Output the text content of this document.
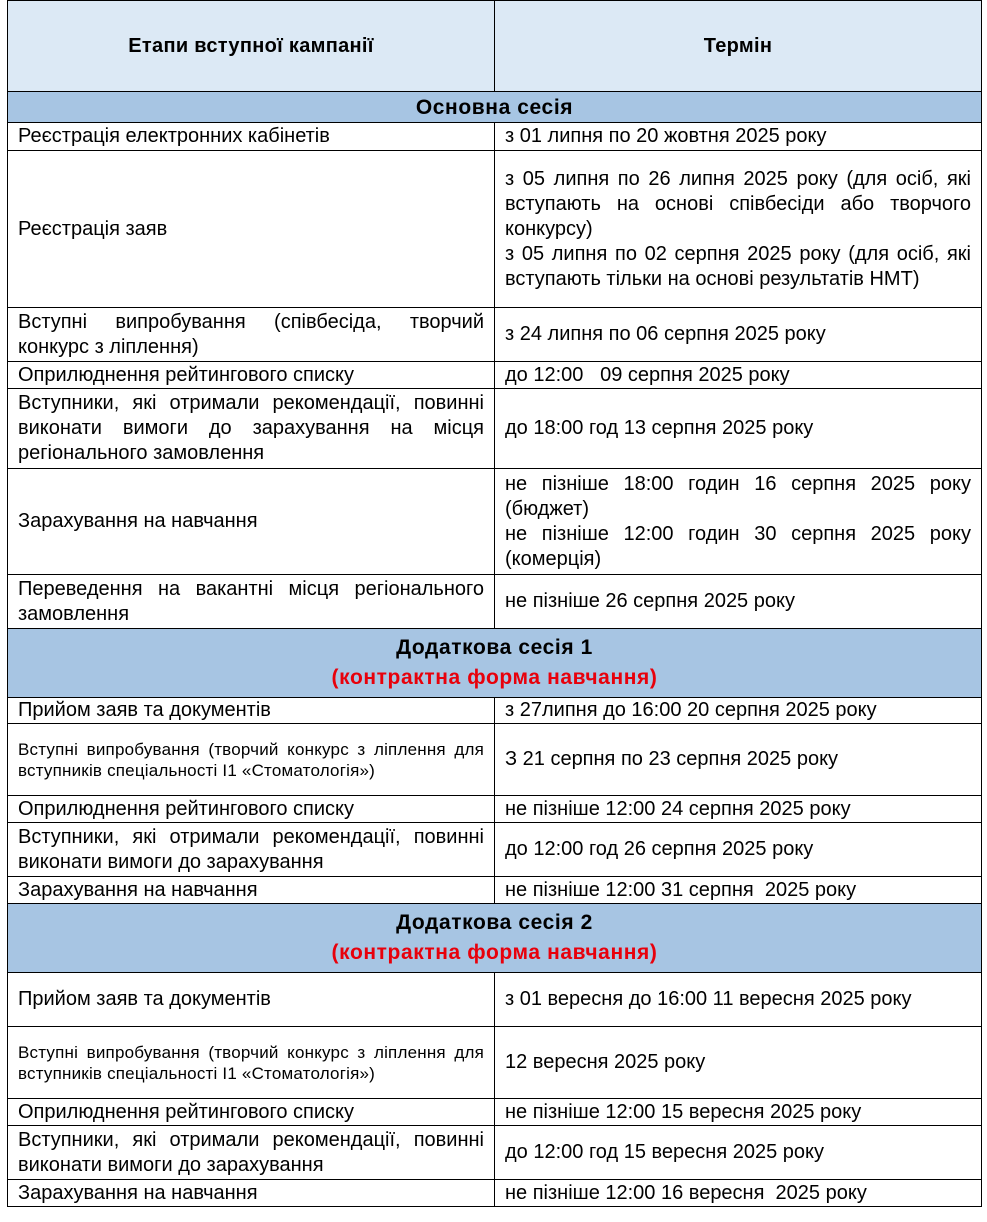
Етапи вступної кампанії	Термін
Основна сесія	
Реєстрація електронних кабінетів	з 01 липня по 20 жовтня 2025 року
Реєстрація заяв	з 05 липня по 26 липня 2025 року (для осіб, які вступають на основі співбесіди або творчого конкурсу)
з 05 липня по 02 серпня 2025 року (для осіб, які вступають тільки на основі результатів НМТ)

Вступні випробування (співбесіда, творчий конкурс з ліплення)	з 24 липня по 06 серпня 2025 року
Оприлюднення рейтингового списку	до 12:00   09 серпня 2025 року
Вступники, які отримали рекомендації, повинні виконати вимоги до зарахування на місця регіонального замовлення	до 18:00 год 13 серпня 2025 року
Зарахування на навчання	не пізніше 18:00 годин 16 серпня 2025 року (бюджет)
не пізніше 12:00 годин 30 серпня 2025 року (комерція)

Переведення на вакантні місця регіонального замовлення	не пізніше 26 серпня 2025 року

Додаткова сесія 1
(контрактна форма навчання)	

Прийом заяв та документів	з 27липня до 16:00 20 серпня 2025 року
Вступні випробування (творчий конкурс з ліплення для вступників спеціальності І1 «Стоматологія»)	З 21 серпня по 23 серпня 2025 року
Оприлюднення рейтингового списку	не пізніше 12:00 24 серпня 2025 року
Вступники, які отримали рекомендації, повинні виконати вимоги до зарахування	до 12:00 год 26 серпня 2025 року
Зарахування на навчання	не пізніше 12:00 31 серпня  2025 року

Додаткова сесія 2
(контрактна форма навчання)	

Прийом заяв та документів	з 01 вересня до 16:00 11 вересня 2025 року
Вступні випробування (творчий конкурс з ліплення для вступників спеціальності І1 «Стоматологія»)	12 вересня 2025 року
Оприлюднення рейтингового списку	не пізніше 12:00 15 вересня 2025 року
Вступники, які отримали рекомендації, повинні виконати вимоги до зарахування	до 12:00 год 15 вересня 2025 року
Зарахування на навчання	не пізніше 12:00 16 вересня  2025 року
